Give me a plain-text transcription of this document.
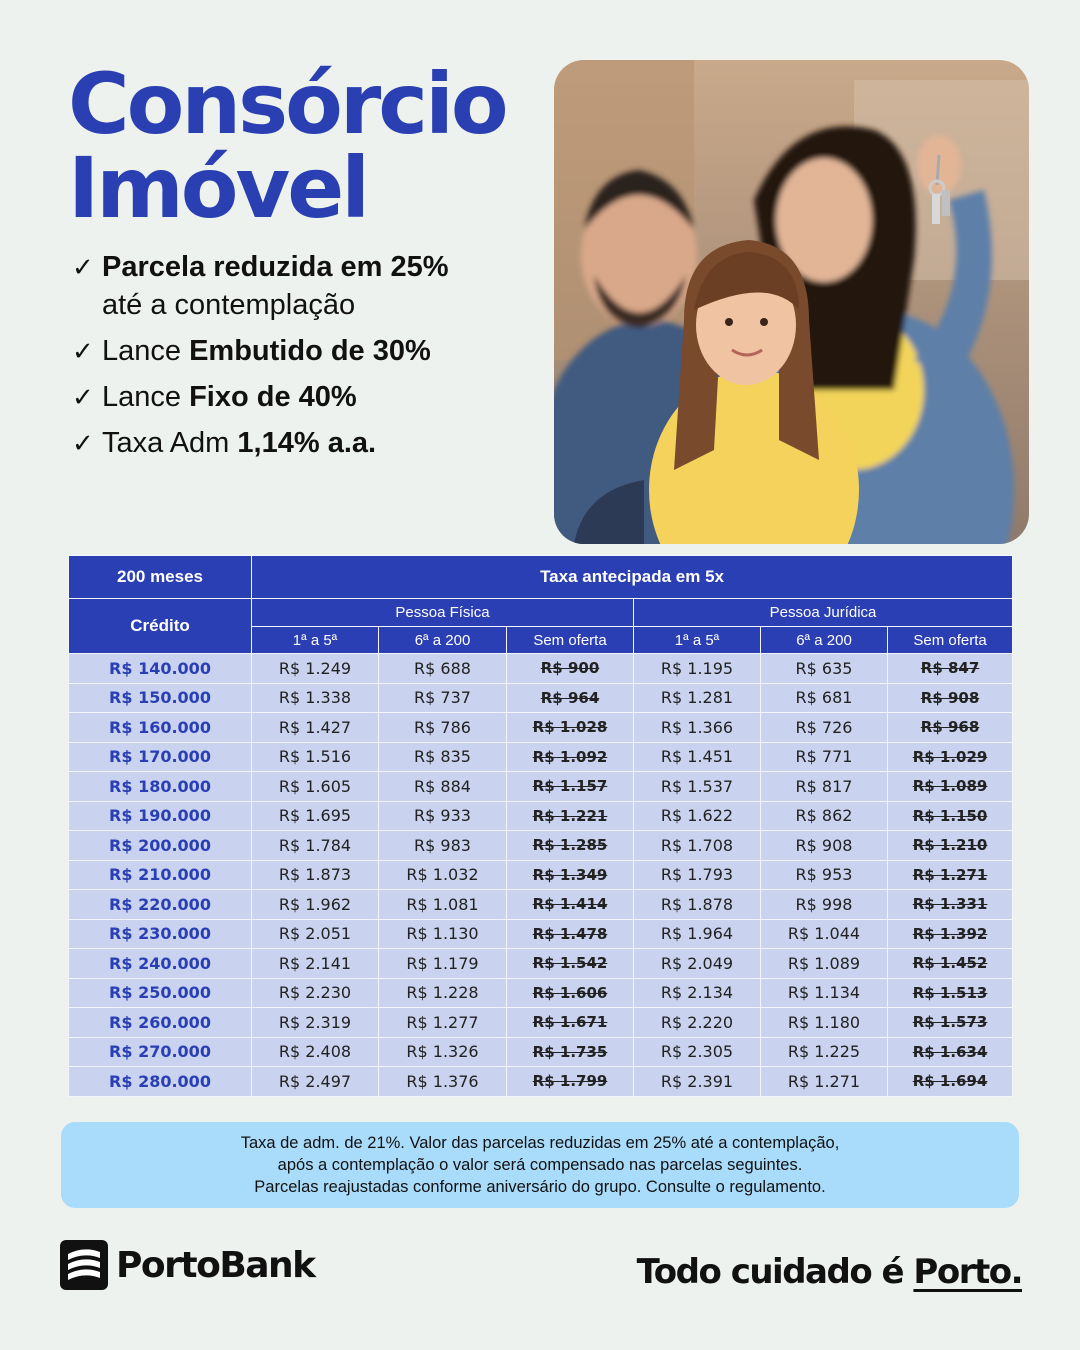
Consórcio
Imóvel
✓ Parcela reduzida em 25%
até a contemplação
✓ Lance Embutido de 30%
✓ Lance Fixo de 40%
✓ Taxa Adm 1,14% a.a.
200 meses	Taxa antecipada em 5x					
Crédito	Pessoa Física			Pessoa Jurídica		
	1ª a 5ª	6ª a 200	Sem oferta	1ª a 5ª	6ª a 200	Sem oferta
R$ 140.000	R$ 1.249	R$ 688	R$ 900	R$ 1.195	R$ 635	R$ 847
R$ 150.000	R$ 1.338	R$ 737	R$ 964	R$ 1.281	R$ 681	R$ 908
R$ 160.000	R$ 1.427	R$ 786	R$ 1.028	R$ 1.366	R$ 726	R$ 968
R$ 170.000	R$ 1.516	R$ 835	R$ 1.092	R$ 1.451	R$ 771	R$ 1.029
R$ 180.000	R$ 1.605	R$ 884	R$ 1.157	R$ 1.537	R$ 817	R$ 1.089
R$ 190.000	R$ 1.695	R$ 933	R$ 1.221	R$ 1.622	R$ 862	R$ 1.150
R$ 200.000	R$ 1.784	R$ 983	R$ 1.285	R$ 1.708	R$ 908	R$ 1.210
R$ 210.000	R$ 1.873	R$ 1.032	R$ 1.349	R$ 1.793	R$ 953	R$ 1.271
R$ 220.000	R$ 1.962	R$ 1.081	R$ 1.414	R$ 1.878	R$ 998	R$ 1.331
R$ 230.000	R$ 2.051	R$ 1.130	R$ 1.478	R$ 1.964	R$ 1.044	R$ 1.392
R$ 240.000	R$ 2.141	R$ 1.179	R$ 1.542	R$ 2.049	R$ 1.089	R$ 1.452
R$ 250.000	R$ 2.230	R$ 1.228	R$ 1.606	R$ 2.134	R$ 1.134	R$ 1.513
R$ 260.000	R$ 2.319	R$ 1.277	R$ 1.671	R$ 2.220	R$ 1.180	R$ 1.573
R$ 270.000	R$ 2.408	R$ 1.326	R$ 1.735	R$ 2.305	R$ 1.225	R$ 1.634
R$ 280.000	R$ 2.497	R$ 1.376	R$ 1.799	R$ 2.391	R$ 1.271	R$ 1.694
Taxa de adm. de 21%. Valor das parcelas reduzidas em 25% até a contemplação,
após a contemplação o valor será compensado nas parcelas seguintes.
Parcelas reajustadas conforme aniversário do grupo. Consulte o regulamento.
PortoBank	Todo cuidado é Porto.
